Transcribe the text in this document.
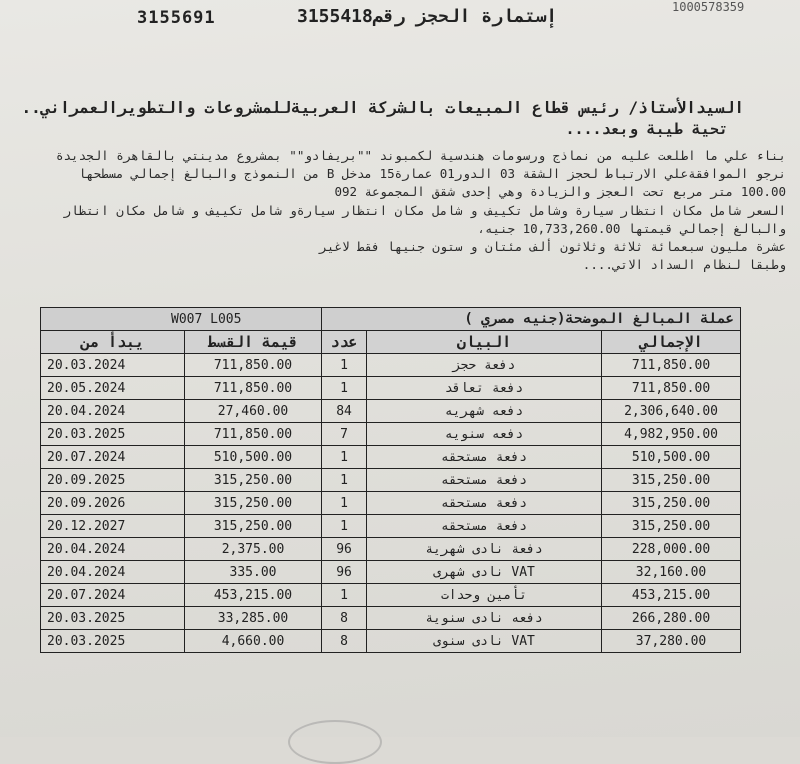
1000578359
3155691	إستمارة الحجز رقم3155418
السيدالأستاذ/ رئيس قطاع المبيعات بالشركة العربيةللمشروعات والتطويرالعمراني..
تحية طيبة وبعد....
بناء علي ما اطلعت عليه من نماذج ورسومات هندسية لكمبوند ""بريفادو"" بمشروع مدينتي بالقاهرة الجديدة
نرجو الموافقةعلي الارتباط لحجز الشقة 03 الدور01 عمارة15 مدخل B من النموذج والبالغ إجمالي مسطحها
100.00 متر مربع تحت العجز والزيادة وهي إحدى شقق المجموعة 092
السعر شامل مكان انتظار سيارة وشامل تكييف و شامل مكان انتظار سيارةو شامل تكييف و شامل مكان انتظار
والبالغ إجمالي قيمتها 10,733,260.00 جنيه،
عشرة مليون سبعمائة ثلاثة وثلاثون ألف مئتان و ستون جنيها فقط لاغير
وطبقا لنظام السداد الاتي....
W007 L005		عملة المبالغ الموضحة(جنيه مصري )		
يبدأ من	قيمة القسط	عدد	البيان	الإجمالي
20.03.2024	711,850.00	1	دفعة حجز	711,850.00
20.05.2024	711,850.00	1	دفعة تعاقد	711,850.00
20.04.2024	27,460.00	84	دفعه شهريه	2,306,640.00
20.03.2025	711,850.00	7	دفعه سنويه	4,982,950.00
20.07.2024	510,500.00	1	دفعة مستحقه	510,500.00
20.09.2025	315,250.00	1	دفعة مستحقه	315,250.00
20.09.2026	315,250.00	1	دفعة مستحقه	315,250.00
20.12.2027	315,250.00	1	دفعة مستحقه	315,250.00
20.04.2024	2,375.00	96	دفعة نادى شهرية	228,000.00
20.04.2024	335.00	96	VAT نادى شهرى	32,160.00
20.07.2024	453,215.00	1	تأمين وحدات	453,215.00
20.03.2025	33,285.00	8	دفعه نادى سنوية	266,280.00
20.03.2025	4,660.00	8	VAT نادى سنوى	37,280.00
